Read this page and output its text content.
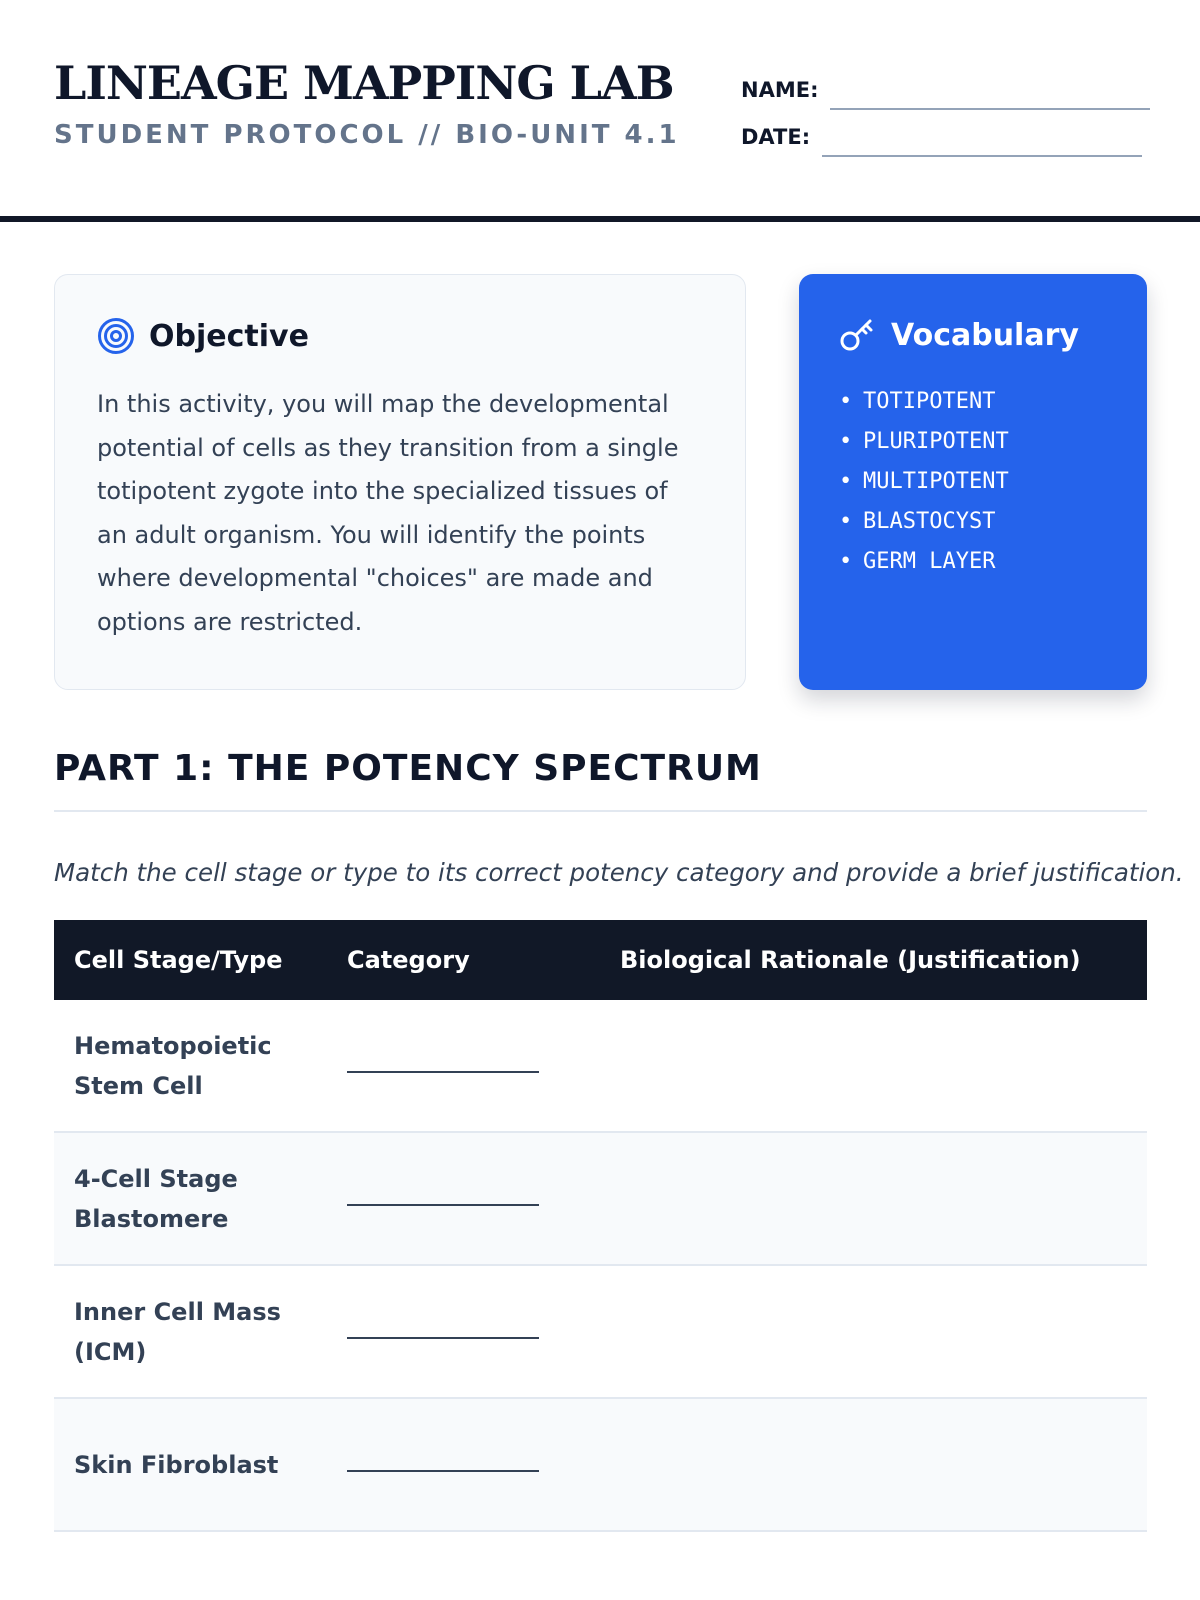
LINEAGE MAPPING LAB
STUDENT PROTOCOL // BIO-UNIT 4.1
NAME:
DATE:
Objective

In this activity, you will map the developmental potential of cells as they transition from a single totipotent zygote into the specialized tissues of an adult organism. You will identify the points where developmental "choices" are made and options are restricted.

Vocabulary
• TOTIPOTENT
• PLURIPOTENT
• MULTIPOTENT
• BLASTOCYST
• GERM LAYER
PART 1: THE POTENCY SPECTRUM
Match the cell stage or type to its correct potency category and provide a brief justification.
Cell Stage/Type	Category	Biological Rationale (Justification)
Hematopoietic Stem Cell
4-Cell Stage Blastomere
Inner Cell Mass (ICM)
Skin Fibroblast
